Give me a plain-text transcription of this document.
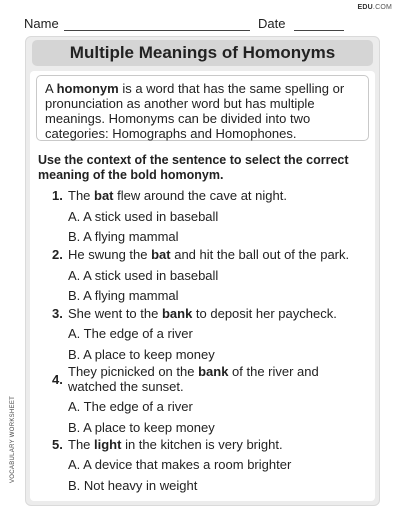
Name	Date
EDU.COM
Multiple Meanings of Homonyms
A homonym is a word that has the same spelling or pronunciation as another word but has multiple meanings. Homonyms can be divided into two categories: Homographs and Homophones.
Use the context of the sentence to select the correct meaning of the bold homonym.
1. The bat flew around the cave at night.
A. A stick used in baseball
B. A flying mammal
2. He swung the bat and hit the ball out of the park.
A. A stick used in baseball
B. A flying mammal
3. She went to the bank to deposit her paycheck.
A. The edge of a river
B. A place to keep money
4.
They picnicked on the bank of the river and watched the sunset.
A. The edge of a river
B. A place to keep money
5. The light in the kitchen is very bright.
A. A device that makes a room brighter
B. Not heavy in weight
VOCABULARY WORKSHEET
